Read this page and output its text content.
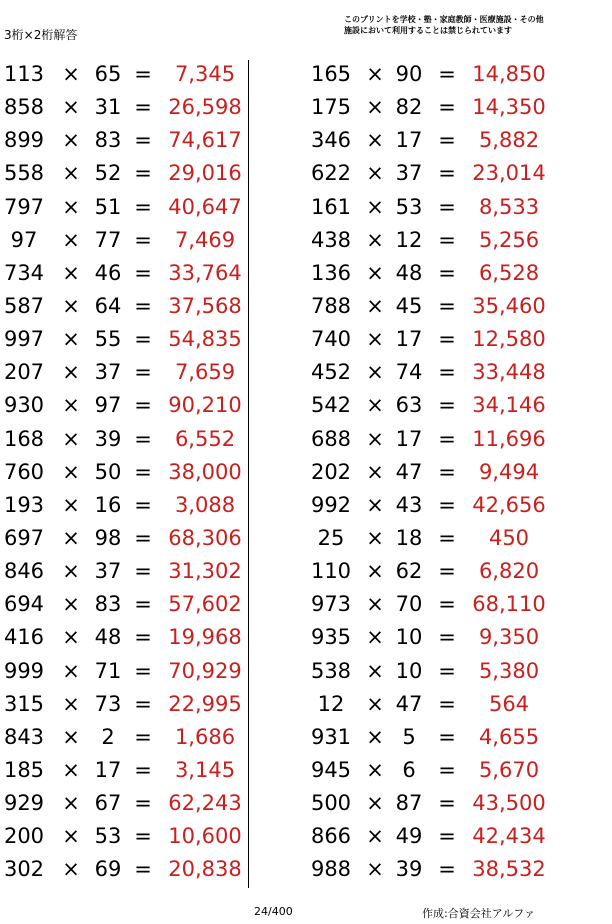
3桁×2桁解答
このプリントを学校・塾・家庭教師・医療施設・その他
施設において利用することは禁じられています
113 × 65 =	7,345
858 × 31 = 26,598
899 × 83 = 74,617
558 × 52 = 29,016
797 × 51 = 40,647
97	× 77 =	7,469
734 × 46 = 33,764
587 × 64 = 37,568
997 × 55 = 54,835
207 × 37 =	7,659
930 × 97 = 90,210
168 × 39 =	6,552
760 × 50 = 38,000
193 × 16 =	3,088
697 × 98 = 68,306
846 × 37 = 31,302
694 × 83 = 57,602
416 × 48 = 19,968
999 × 71 = 70,929
315 × 73 = 22,995
843 ×	2 =	1,686
185 × 17 =	3,145
929 × 67 = 62,243
200 × 53 = 10,600
302 × 69 = 20,838
165 × 90 = 14,850
175 × 82 = 14,350
346 × 17 =	5,882
622 × 37 = 23,014
161 × 53 =	8,533
438 × 12 =	5,256
136 × 48 =	6,528
788 × 45 = 35,460
740 × 17 = 12,580
452 × 74 = 33,448
542 × 63 = 34,146
688 × 17 = 11,696
202 × 47 =	9,494
992 × 43 = 42,656
25	× 18 =	450
110 × 62 =	6,820
973 × 70 = 68,110
935 × 10 =	9,350
538 × 10 =	5,380
12	× 47 =	564
931 × 5	=	4,655
945 × 6	=	5,670
500 × 87 = 43,500
866 × 49 = 42,434
988 × 39 = 38,532
24/400	作成:合資会社アルファ
